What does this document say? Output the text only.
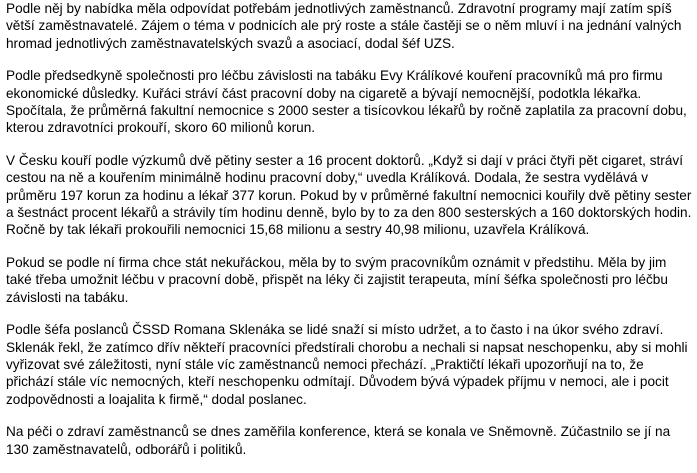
Podle něj by nabídka měla odpovídat potřebám jednotlivých zaměstnanců. Zdravotní programy mají zatím spíš větší zaměstnavatelé. Zájem o téma v podnicích ale prý roste a stále častěji se o něm mluví i na jednání valných hromad jednotlivých zaměstnavatelských svazů a asociací, dodal šéf UZS.

Podle předsedkyně společnosti pro léčbu závislosti na tabáku Evy Králíkové kouření pracovníků má pro firmu ekonomické důsledky. Kuřáci stráví část pracovní doby na cigaretě a bývají nemocnější, podotkla lékařka. Spočítala, že průměrná fakultní nemocnice s 2000 sester a tisícovkou lékařů by ročně zaplatila za pracovní dobu, kterou zdravotníci prokouří, skoro 60 milionů korun.

V Česku kouří podle výzkumů dvě pětiny sester a 16 procent doktorů. „Když si dají v práci čtyři pět cigaret, stráví cestou na ně a kouřením minimálně hodinu pracovní doby,“ uvedla Králíková. Dodala, že sestra vydělává v průměru 197 korun za hodinu a lékař 377 korun. Pokud by v průměrné fakultní nemocnici kouřily dvě pětiny sester a šestnáct procent lékařů a strávily tím hodinu denně, bylo by to za den 800 sesterských a 160 doktorských hodin. Ročně by tak lékaři prokouřili nemocnici 15,68 milionu a sestry 40,98 milionu, uzavřela Králíková.

Pokud se podle ní firma chce stát nekuřáckou, měla by to svým pracovníkům oznámit v předstihu. Měla by jim také třeba umožnit léčbu v pracovní době, přispět na léky či zajistit terapeuta, míní šéfka společnosti pro léčbu závislosti na tabáku.

Podle šéfa poslanců ČSSD Romana Sklenáka se lidé snaží si místo udržet, a to často i na úkor svého zdraví. Sklenák řekl, že zatímco dřív někteří pracovníci předstírali chorobu a nechali si napsat neschopenku, aby si mohli vyřizovat své záležitosti, nyní stále víc zaměstnanců nemoci přechází. „Praktičtí lékaři upozorňují na to, že přichází stále víc nemocných, kteří neschopenku odmítají. Důvodem bývá výpadek příjmu v nemoci, ale i pocit zodpovědnosti a loajalita k firmě,“ dodal poslanec.

Na péči o zdraví zaměstnanců se dnes zaměřila konference, která se konala ve Sněmovně. Zúčastnilo se jí na 130 zaměstnavatelů, odborářů i politiků.
